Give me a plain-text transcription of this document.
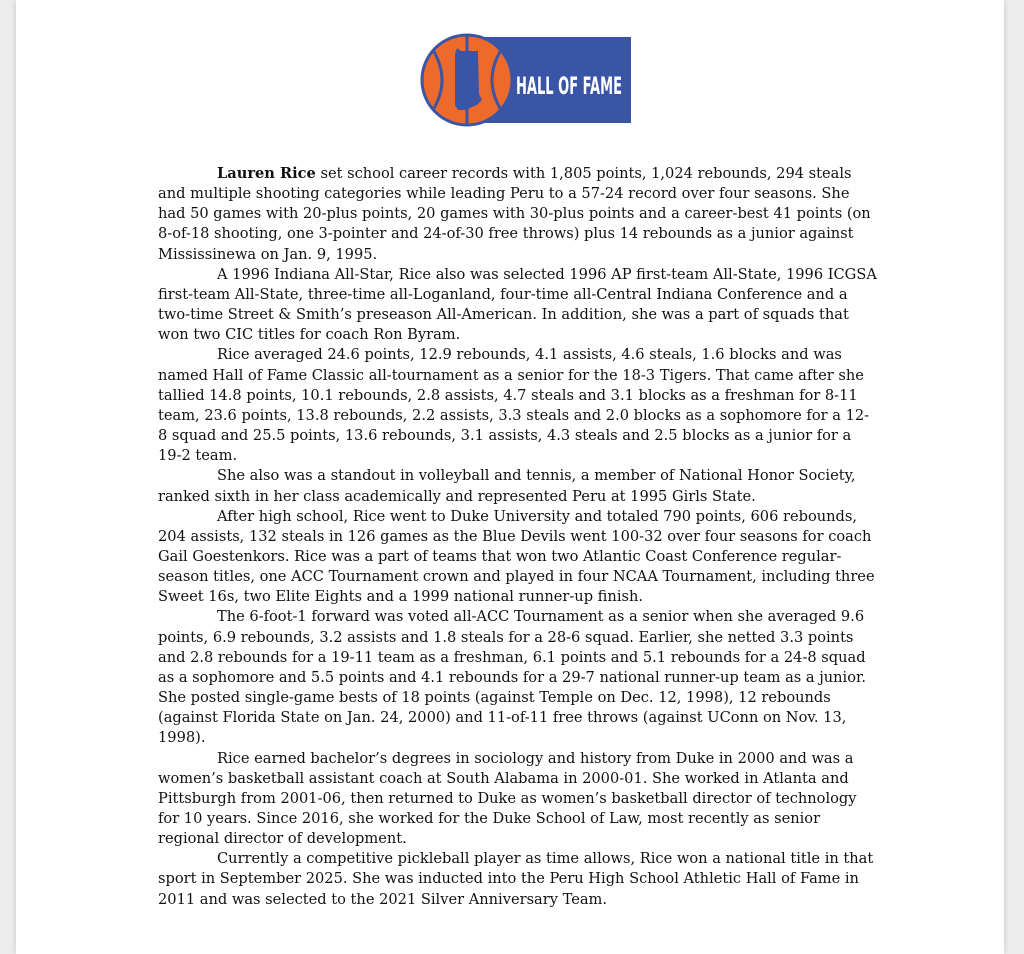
HALL OF FAME

Lauren Rice set school career records with 1,805 points, 1,024 rebounds, 294 steals and multiple shooting categories while leading Peru to a 57-24 record over four seasons. She had 50 games with 20-plus points, 20 games with 30-plus points and a career-best 41 points (on 8-of-18 shooting, one 3-pointer and 24-of-30 free throws) plus 14 rebounds as a junior against Mississinewa on Jan. 9, 1995.

A 1996 Indiana All-Star, Rice also was selected 1996 AP first-team All-State, 1996 ICGSA first-team All-State, three-time all-Loganland, four-time all-Central Indiana Conference and a two-time Street & Smith’s preseason All-American. In addition, she was a part of squads that won two CIC titles for coach Ron Byram.

Rice averaged 24.6 points, 12.9 rebounds, 4.1 assists, 4.6 steals, 1.6 blocks and was named Hall of Fame Classic all-tournament as a senior for the 18-3 Tigers. That came after she tallied 14.8 points, 10.1 rebounds, 2.8 assists, 4.7 steals and 3.1 blocks as a freshman for 8-11 team, 23.6 points, 13.8 rebounds, 2.2 assists, 3.3 steals and 2.0 blocks as a sophomore for a 12-8 squad and 25.5 points, 13.6 rebounds, 3.1 assists, 4.3 steals and 2.5 blocks as a junior for a 19-2 team.

She also was a standout in volleyball and tennis, a member of National Honor Society, ranked sixth in her class academically and represented Peru at 1995 Girls State.

After high school, Rice went to Duke University and totaled 790 points, 606 rebounds, 204 assists, 132 steals in 126 games as the Blue Devils went 100-32 over four seasons for coach Gail Goestenkors. Rice was a part of teams that won two Atlantic Coast Conference regular-season titles, one ACC Tournament crown and played in four NCAA Tournament, including three Sweet 16s, two Elite Eights and a 1999 national runner-up finish.

The 6-foot-1 forward was voted all-ACC Tournament as a senior when she averaged 9.6 points, 6.9 rebounds, 3.2 assists and 1.8 steals for a 28-6 squad. Earlier, she netted 3.3 points and 2.8 rebounds for a 19-11 team as a freshman, 6.1 points and 5.1 rebounds for a 24-8 squad as a sophomore and 5.5 points and 4.1 rebounds for a 29-7 national runner-up team as a junior. She posted single-game bests of 18 points (against Temple on Dec. 12, 1998), 12 rebounds (against Florida State on Jan. 24, 2000) and 11-of-11 free throws (against UConn on Nov. 13, 1998).

Rice earned bachelor’s degrees in sociology and history from Duke in 2000 and was a women’s basketball assistant coach at South Alabama in 2000-01. She worked in Atlanta and Pittsburgh from 2001-06, then returned to Duke as women’s basketball director of technology for 10 years. Since 2016, she worked for the Duke School of Law, most recently as senior regional director of development.

Currently a competitive pickleball player as time allows, Rice won a national title in that sport in September 2025. She was inducted into the Peru High School Athletic Hall of Fame in 2011 and was selected to the 2021 Silver Anniversary Team.
